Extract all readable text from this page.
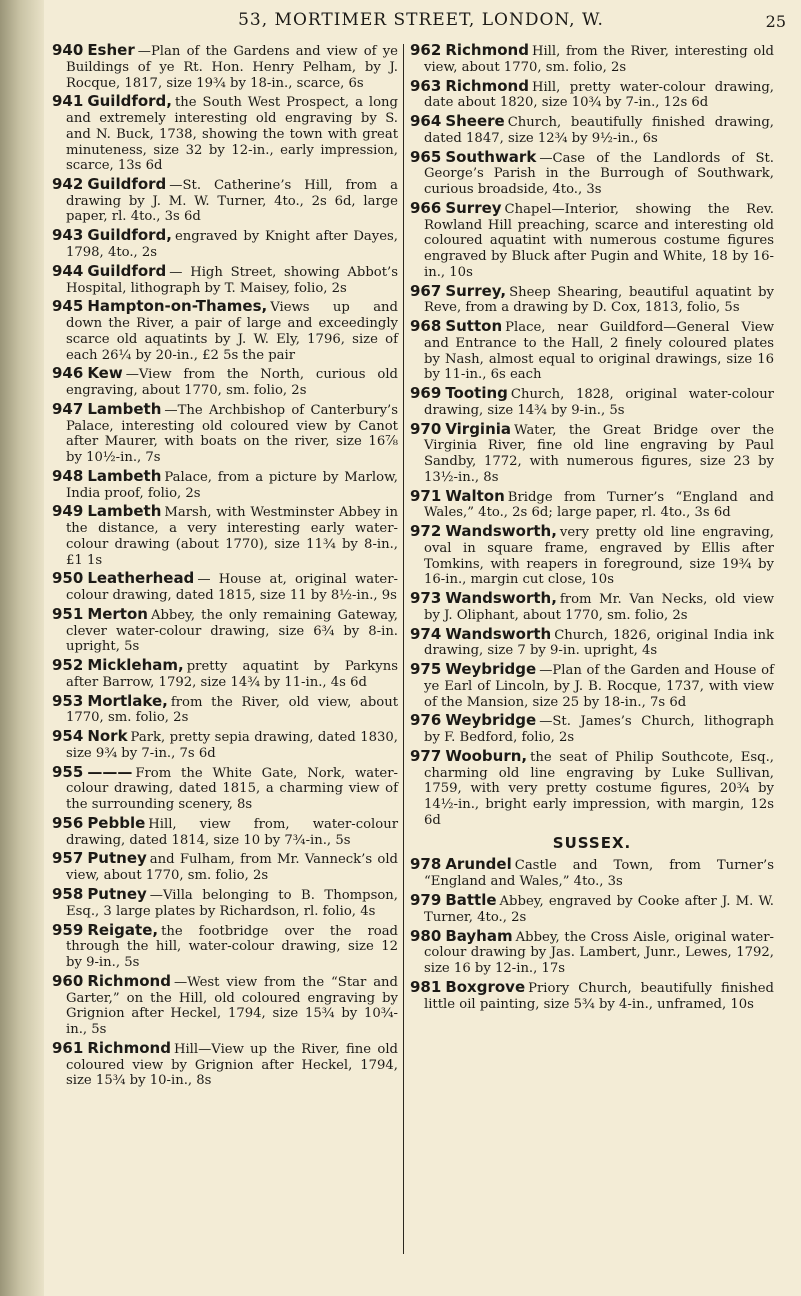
53, MORTIMER STREET, LONDON, W.	25

940 Esher —Plan of the Gardens and view of ye Buildings of ye Rt. Hon. Henry Pelham, by J. Rocque, 1817, size 19¾ by 18-in., scarce, 6s

941 Guildford, the South West Prospect, a long and extremely interesting old engraving by S. and N. Buck, 1738, showing the town with great minuteness, size 32 by 12-in., early impression, scarce, 13s 6d

942 Guildford —St. Catherine’s Hill, from a drawing by J. M. W. Turner, 4to., 2s 6d, large paper, rl. 4to., 3s 6d

943 Guildford, engraved by Knight after Dayes, 1798, 4to., 2s

944 Guildford — High Street, showing Abbot’s Hospital, lithograph by T. Maisey, folio, 2s

945 Hampton-on-Thames, Views up and down the River, a pair of large and exceedingly scarce old aquatints by J. W. Ely, 1796, size of each 26¼ by 20-in., £2 5s the pair

946 Kew —View from the North, curious old engraving, about 1770, sm. folio, 2s

947 Lambeth —The Archbishop of Canterbury’s Palace, interesting old coloured view by Canot after Maurer, with boats on the river, size 16⅞ by 10½-in., 7s

948 Lambeth Palace, from a picture by Marlow, India proof, folio, 2s

949 Lambeth Marsh, with Westminster Abbey in the distance, a very interesting early water-colour drawing (about 1770), size 11¾ by 8-in., £1 1s

950 Leatherhead — House at, original water-colour drawing, dated 1815, size 11 by 8½-in., 9s

951 Merton Abbey, the only remaining Gateway, clever water-colour drawing, size 6¾ by 8-in. upright, 5s

952 Mickleham, pretty aquatint by Parkyns after Barrow, 1792, size 14¾ by 11-in., 4s 6d

953 Mortlake, from the River, old view, about 1770, sm. folio, 2s

954 Nork Park, pretty sepia drawing, dated 1830, size 9¾ by 7-in., 7s 6d

955 ——— From the White Gate, Nork, water-colour drawing, dated 1815, a charming view of the surrounding scenery, 8s

956 Pebble Hill, view from, water-colour drawing, dated 1814, size 10 by 7¾-in., 5s

957 Putney and Fulham, from Mr. Vanneck’s old view, about 1770, sm. folio, 2s

958 Putney —Villa belonging to B. Thompson, Esq., 3 large plates by Richardson, rl. folio, 4s

959 Reigate, the footbridge over the road through the hill, water-colour drawing, size 12 by 9-in., 5s

960 Richmond —West view from the “Star and Garter,” on the Hill, old coloured engraving by Grignion after Heckel, 1794, size 15¾ by 10¾-in., 5s

961 Richmond Hill—View up the River, fine old coloured view by Grignion after Heckel, 1794, size 15¾ by 10-in., 8s

962 Richmond Hill, from the River, interesting old view, about 1770, sm. folio, 2s

963 Richmond Hill, pretty water-colour drawing, date about 1820, size 10¾ by 7-in., 12s 6d

964 Sheere Church, beautifully finished drawing, dated 1847, size 12¾ by 9½-in., 6s

965 Southwark —Case of the Landlords of St. George’s Parish in the Burrough of Southwark, curious broadside, 4to., 3s

966 Surrey Chapel—Interior, showing the Rev. Rowland Hill preaching, scarce and interesting old coloured aquatint with numerous costume figures engraved by Bluck after Pugin and White, 18 by 16-in., 10s

967 Surrey, Sheep Shearing, beautiful aquatint by Reve, from a drawing by D. Cox, 1813, folio, 5s

968 Sutton Place, near Guildford—General View and Entrance to the Hall, 2 finely coloured plates by Nash, almost equal to original drawings, size 16 by 11-in., 6s each

969 Tooting Church, 1828, original water-colour drawing, size 14¾ by 9-in., 5s

970 Virginia Water, the Great Bridge over the Virginia River, fine old line engraving by Paul Sandby, 1772, with numerous figures, size 23 by 13½-in., 8s

971 Walton Bridge from Turner’s “England and Wales,” 4to., 2s 6d; large paper, rl. 4to., 3s 6d

972 Wandsworth, very pretty old line engraving, oval in square frame, engraved by Ellis after Tomkins, with reapers in foreground, size 19¾ by 16-in., margin cut close, 10s

973 Wandsworth, from Mr. Van Necks, old view by J. Oliphant, about 1770, sm. folio, 2s

974 Wandsworth Church, 1826, original India ink drawing, size 7 by 9-in. upright, 4s

975 Weybridge —Plan of the Garden and House of ye Earl of Lincoln, by J. B. Rocque, 1737, with view of the Mansion, size 25 by 18-in., 7s 6d

976 Weybridge —St. James’s Church, lithograph by F. Bedford, folio, 2s

977 Wooburn, the seat of Philip Southcote, Esq., charming old line engraving by Luke Sullivan, 1759, with very pretty costume figures, 20¾ by 14½-in., bright early impression, with margin, 12s 6d

SUSSEX.

978 Arundel Castle and Town, from Turner’s “England and Wales,” 4to., 3s

979 Battle Abbey, engraved by Cooke after J. M. W. Turner, 4to., 2s

980 Bayham Abbey, the Cross Aisle, original water-colour drawing by Jas. Lambert, Junr., Lewes, 1792, size 16 by 12-in., 17s

981 Boxgrove Priory Church, beautifully finished little oil painting, size 5¾ by 4-in., unframed, 10s
